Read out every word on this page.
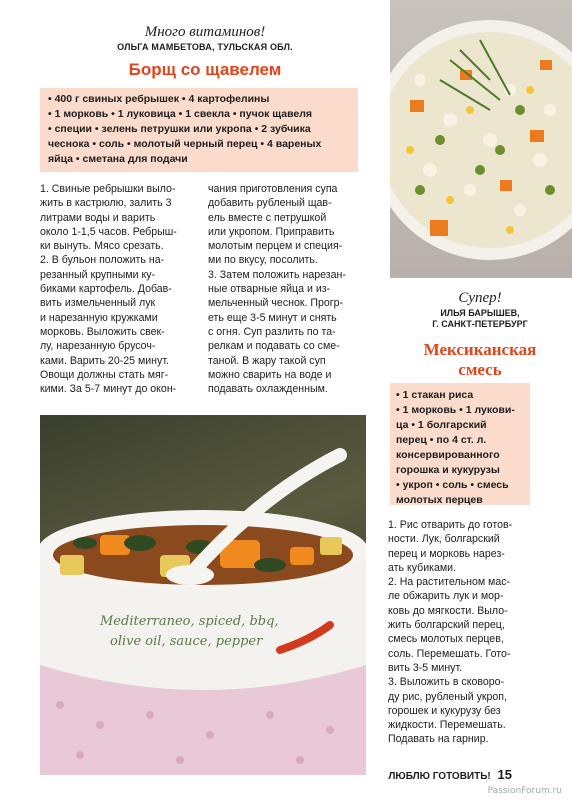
Много витаминов!
ОЛЬГА МАМБЕТОВА, ТУЛЬСКАЯ ОБЛ.
Борщ со щавелем
• 400 г свиных ребрышек • 4 картофелины
• 1 морковь • 1 луковица • 1 свекла • пучок щавеля
• специи • зелень петрушки или укропа • 2 зубчика
чеснока • соль • молотый черный перец • 4 вареных
яйца • сметана для подачи
1. Свиные ребрышки выло-
жить в кастрюлю, залить 3
литрами воды и варить
около 1-1,5 часов. Ребрыш-
ки вынуть. Мясо срезать.
2. В бульон положить на-
резанный крупными ку-
биками картофель. Добав-
вить измельченный лук
и нарезанную кружками
морковь. Выложить свек-
лу, нарезанную брусоч-
ками. Варить 20-25 минут.
Овощи должны стать мяг-
кими. За 5-7 минут до окон-
чания приготовления супа
добавить рубленый щав-
ель вместе с петрушкой
или укропом. Приправить
молотым перцем и специя-
ми по вкусу, посолить.
3. Затем положить нарезан-
ные отварные яйца и из-
мельченный чеснок. Прогр-
еть еще 3-5 минут и снять
с огня. Суп разлить по та-
релкам и подавать со сме-
таной. В жару такой суп
можно сварить на воде и
подавать охлажденным.
Супер!
ИЛЬЯ БАРЫШЕВ,
Г. САНКТ-ПЕТЕРБУРГ
Мексиканская
смесь
• 1 стакан риса
• 1 морковь • 1 лукови-
ца • 1 болгарский
перец • по 4 ст. л.
консервированного
горошка и кукурузы
• укроп • соль • смесь
молотых перцев
1. Рис отварить до готов-
ности. Лук, болгарский
перец и морковь нарез-
ать кубиками.
2. На растительном мас-
ле обжарить лук и мор-
ковь до мягкости. Выло-
жить болгарский перец,
смесь молотых перцев,
соль. Перемешать. Гото-
вить 3-5 минут.
3. Выложить в сковоро-
ду рис, рубленый укроп,
горошек и кукурузу без
жидкости. Перемешать.
Подавать на гарнир.
Mediterraneo, spiced, bbq,
olive oil, sauce, pepper
ЛЮБЛЮ ГОТОВИТЬ! 15
PassionForum.ru
